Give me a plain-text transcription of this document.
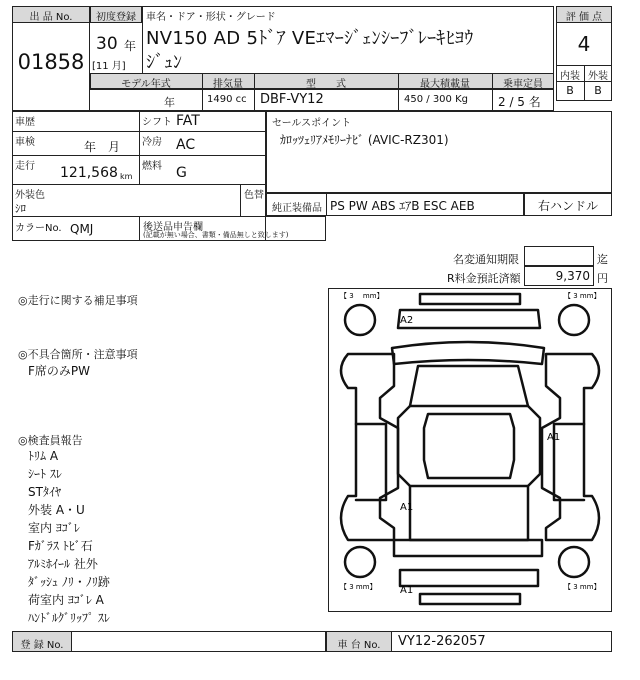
出 品 No.
01858
初度登録
30 年
[11 月]
車名・ドア・形状・グレード
NV150 AD 5ﾄﾞｱ VEｴﾏｰｼﾞｪﾝｼｰﾌﾞﾚｰｷﾋﾖｳ
ｼﾞｭﾝ
モデル年式	排気量	型　　式	最大積載量	乗車定員
年	1490 cc DBF-VY12	450 / 300 Kg	2 / 5 名
評 価 点
4
内装 外装
B	B
車歴	シフト FAT
車検	年　月 冷房 AC
走行 121,568 km
燃料 G
外装色
ｼﾛ
色替
カラーNo. QMJ	後送品申告欄
(記載が無い場合、書類・備品無しと致します)
セールスポイント
ｶﾛｯﾂｪﾘｱﾒﾓﾘｰﾅﾋﾞ (AVIC-RZ301)
純正装備品 PS PW ABS ｴｱB ESC AEB	右ハンドル
名変通知期限	迄
R料金預託済額	9,370 円
◎走行に関する補足事項
◎不具合箇所・注意事項
F席のみPW
◎検査員報告
ﾄﾘﾑ A
ｼｰﾄ ｽﾚ
STﾀｲﾔ
外装 A・U
室内 ﾖｺﾞﾚ
Fｶﾞﾗｽ ﾄﾋﾞ石
ｱﾙﾐﾎｲｰﾙ 社外
ﾀﾞｯｼｭ ﾉﾘ・ﾉﾘ跡
荷室内 ﾖｺﾞﾚ A
ﾊﾝﾄﾞﾙｸﾞﾘｯﾌﾟ ｽﾚ
【 3 　mm】	【 3 mm】
【 3 mm】	【 3 mm】
A2
A1
A1
A1
登 録 No.	車 台 No.	VY12-262057
